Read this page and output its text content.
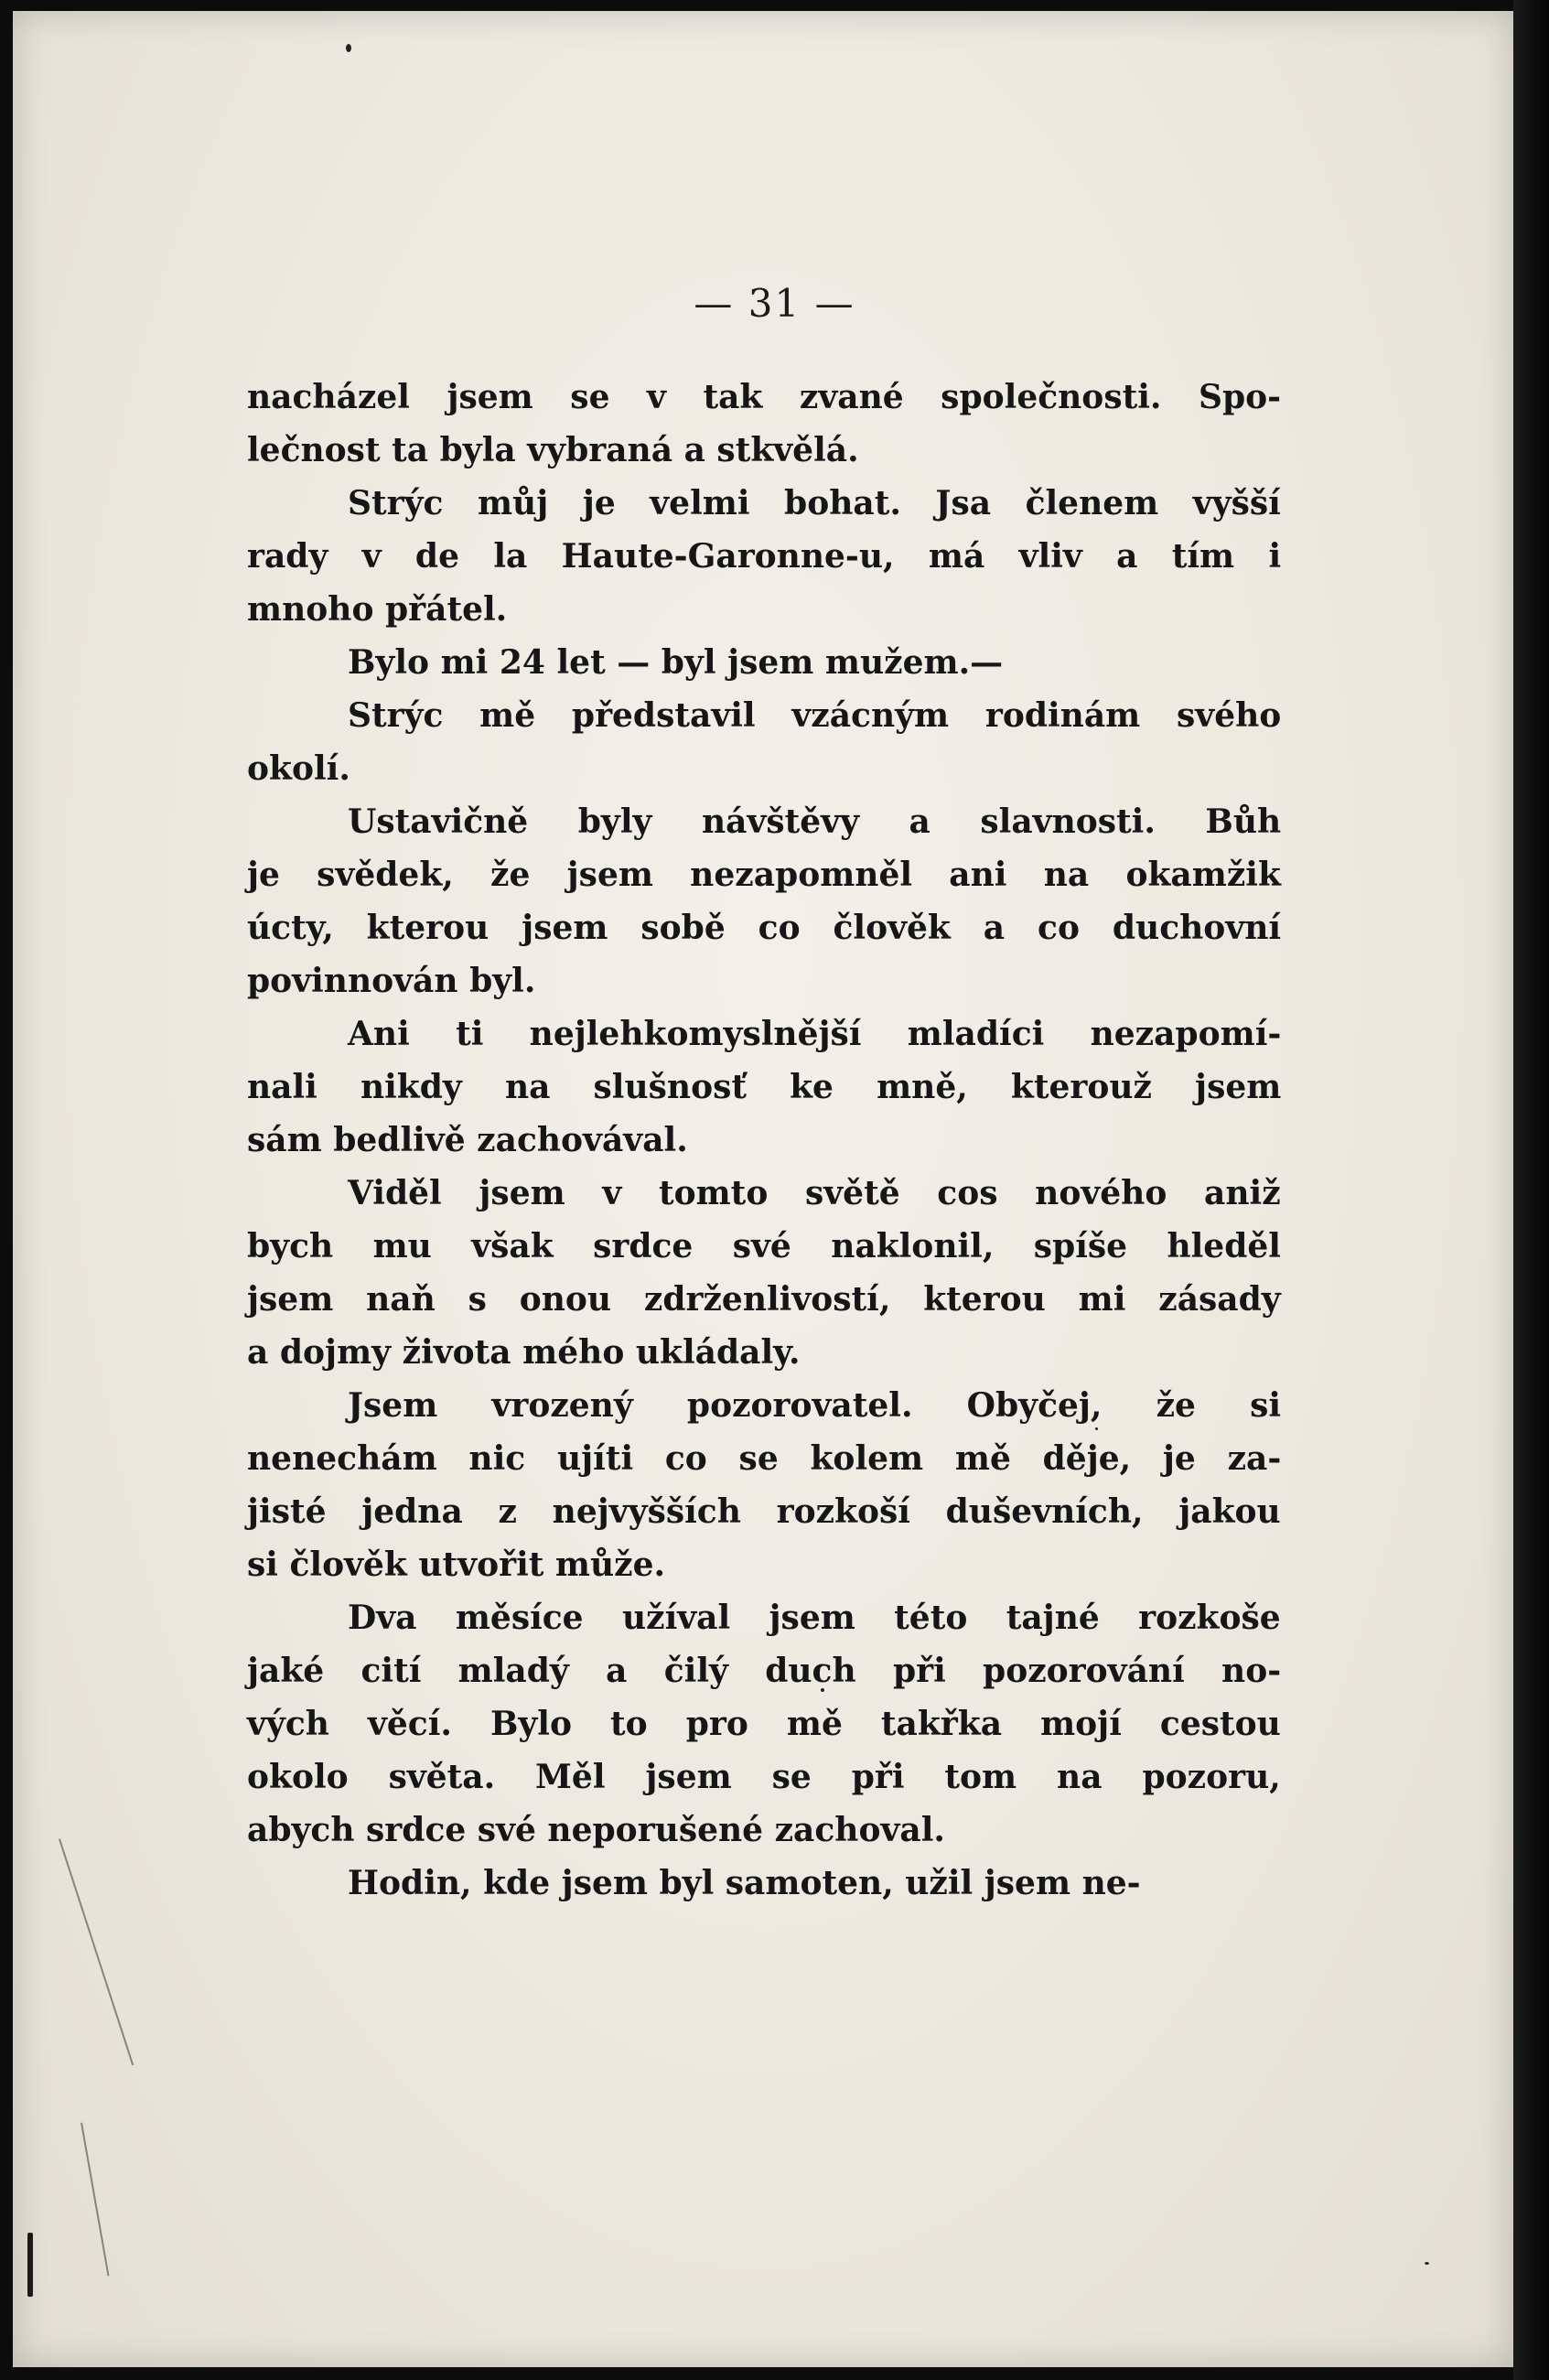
— 31 —
nacházel jsem se v tak zvané společnosti. Spo-
lečnost ta byla vybraná a stkvělá.
Strýc můj je velmi bohat. Jsa členem vyšší
rady v de la Haute-Garonne-u, má vliv a tím i
mnoho přátel.
Bylo mi 24 let — byl jsem mužem.—
Strýc mě představil vzácným rodinám svého
okolí.
Ustavičně byly návštěvy a slavnosti. Bůh
je svědek, že jsem nezapomněl ani na okamžik
úcty, kterou jsem sobě co člověk a co duchovní
povinnován byl.
Ani ti nejlehkomyslnější mladíci nezapomí-
nali nikdy na slušnosť ke mně, kterouž jsem
sám bedlivě zachovával.
Viděl jsem v tomto světě cos nového aniž
bych mu však srdce své naklonil, spíše hleděl
jsem naň s onou zdrženlivostí, kterou mi zásady
a dojmy života mého ukládaly.
Jsem vrozený pozorovatel. Obyčej, že si
nenechám nic ujíti co se kolem mě děje, je za-
jisté jedna z nejvyšších rozkoší duševních, jakou
si člověk utvořit může.
Dva měsíce užíval jsem této tajné rozkoše
jaké cití mladý a čilý duch při pozorování no-
vých věcí. Bylo to pro mě takřka mojí cestou
okolo světa. Měl jsem se při tom na pozoru,
abych srdce své neporušené zachoval.
Hodin, kde jsem byl samoten, užil jsem ne-
